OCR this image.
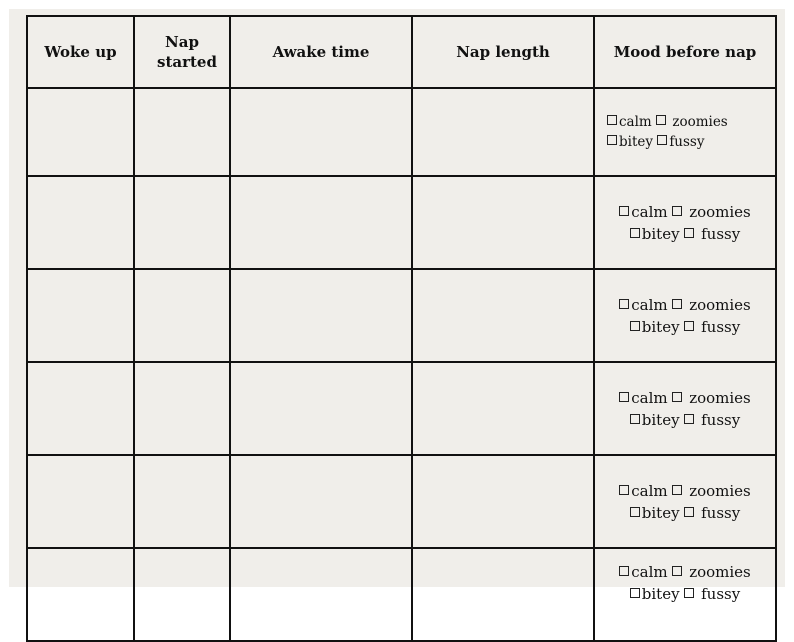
Woke up	Nap started	Awake time	Nap length	Mood before nap

				calm zoomies
bitey fussy

				calm zoomies
bitey fussy

				calm zoomies
bitey fussy

				calm zoomies
bitey fussy

				calm zoomies
bitey fussy

				calm zoomies
bitey fussy
